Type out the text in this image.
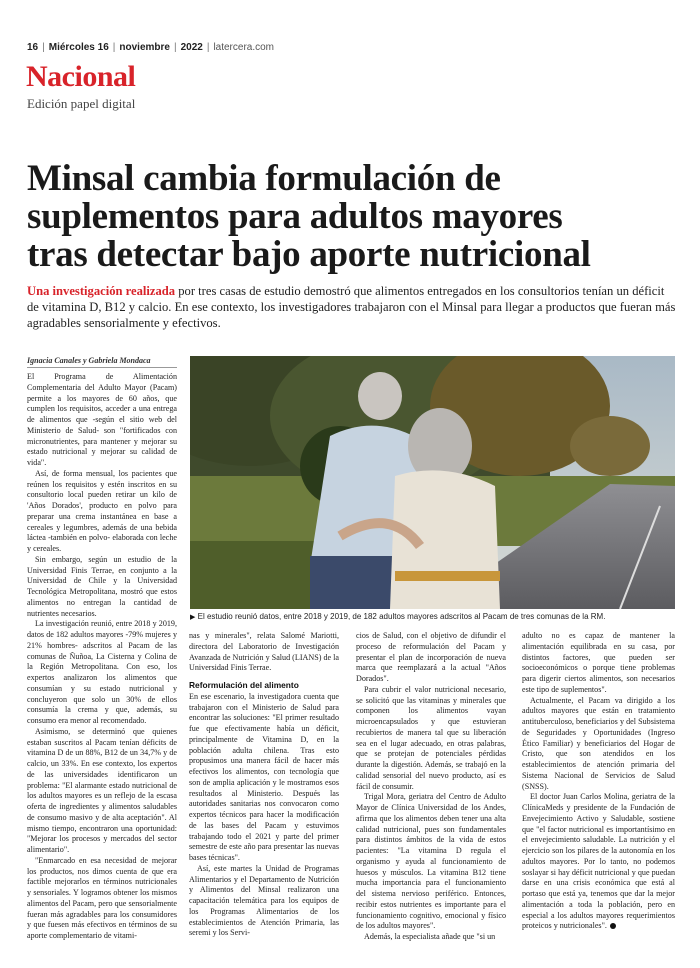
16 | Miércoles 16 | noviembre | 2022 | latercera.com
Nacional
Edición papel digital
Minsal cambia formulación de
suplementos para adultos mayores
tras detectar bajo aporte nutricional

Una investigación realizada por tres casas de estudio demostró que alimentos entregados en los consultorios tenían un déficit de vitamina D, B12 y calcio. En ese contexto, los investigadores trabajaron con el Minsal para llegar a productos que fueran más agradables sensorialmente y efectivos.

Ignacia Canales y Gabriela Mondaca

El Programa de Alimentación Complementaria del Adulto Mayor (Pacam) permite a los mayores de 60 años, que cumplen los requisitos, acceder a una entrega de alimentos que -según el sitio web del Ministerio de Salud- son "fortificados con micronutrientes, para mantener y mejorar su estado nutricional y mejorar su calidad de vida".

Así, de forma mensual, los pacientes que reúnen los requisitos y estén inscritos en su consultorio local pueden retirar un kilo de 'Años Dorados', producto en polvo para preparar una crema instantánea en base a cereales y legumbres, además de una bebida láctea -también en polvo- elaborada con leche y cereales.

Sin embargo, según un estudio de la Universidad Finis Terrae, en conjunto a la Universidad de Chile y la Universidad Tecnológica Metropolitana, mostró que estos alimentos no entregan la cantidad de nutrientes necesarios.

La investigación reunió, entre 2018 y 2019, datos de 182 adultos mayores -79% mujeres y 21% hombres- adscritos al Pacam de las comunas de Ñuñoa, La Cisterna y Colina de la Región Metropolitana. Con eso, los expertos analizaron los alimentos que consumían y su estado nutricional y concluyeron que solo un 30% de ellos consumía la crema y que, además, su consumo era menor al recomendado.

Asimismo, se determinó que quienes estaban suscritos al Pacam tenían déficits de vitamina D de un 88%, B12 de un 34,7% y de calcio, un 33%. En ese contexto, los expertos de las universidades identificaron un problema: "El alarmante estado nutricional de los adultos mayores es un reflejo de la escasa oferta de ingredientes y alimentos saludables de consumo masivo y de alta aceptación". Al mismo tiempo, encontraron una oportunidad: "Mejorar los procesos y mercados del sector alimentario".

"Enmarcado en esa necesidad de mejorar los productos, nos dimos cuenta de que era factible mejorarlos en términos nutricionales y sensoriales. Y logramos obtener los mismos alimentos del Pacam, pero que sensorialmente fueran más agradables para los consumidores y que fuesen más efectivos en términos de su aporte complementario de vitami-

▶ El estudio reunió datos, entre 2018 y 2019, de 182 adultos mayores adscritos al Pacam de tres comunas de la RM.

nas y minerales", relata Salomé Mariotti, directora del Laboratorio de Investigación Avanzada de Nutrición y Salud (LIANS) de la Universidad Finis Terrae.

Reformulación del alimento

En ese escenario, la investigadora cuenta que trabajaron con el Ministerio de Salud para encontrar las soluciones: "El primer resultado fue que efectivamente había un déficit, principalmente de Vitamina D, en la población adulta chilena. Tras esto propusimos una manera fácil de hacer más efectivos los alimentos, con tecnología que son de amplia aplicación y le mostramos esos resultados al Ministerio. Después las autoridades sanitarias nos convocaron como expertos técnicos para hacer la modificación de las bases del Pacam y estuvimos trabajando todo el 2021 y parte del primer semestre de este año para presentar las nuevas bases técnicas".

Así, este martes la Unidad de Programas Alimentarios y el Departamento de Nutrición y Alimentos del Minsal realizaron una capacitación telemática para los equipos de los Programas Alimentarios de los establecimientos de Atención Primaria, las seremi y los Servi-

cios de Salud, con el objetivo de difundir el proceso de reformulación del Pacam y presentar el plan de incorporación de nueva marca que reemplazará a la actual "Años Dorados".

Para cubrir el valor nutricional necesario, se solicitó que las vitaminas y minerales que componen los alimentos vayan microencapsulados y que estuvieran recubiertos de manera tal que su liberación sea en el lugar adecuado, en otras palabras, que se protejan de potenciales pérdidas durante la digestión. Además, se trabajó en la calidad sensorial del nuevo producto, así es fácil de consumir.

Trigal Mora, geriatra del Centro de Adulto Mayor de Clínica Universidad de los Andes, afirma que los alimentos deben tener una alta calidad nutricional, pues son fundamentales para distintos ámbitos de la vida de estos pacientes: "La vitamina D regula el organismo y ayuda al funcionamiento de huesos y músculos. La vitamina B12 tiene mucha importancia para el funcionamiento del sistema nervioso periférico. Entonces, recibir estos nutrientes es importante para el funcionamiento cognitivo, emocional y físico de los adultos mayores".

Además, la especialista añade que "si un

adulto no es capaz de mantener la alimentación equilibrada en su casa, por distintos factores, que pueden ser socioeconómicos o porque tiene problemas para digerir ciertos alimentos, son necesarios este tipo de suplementos".

Actualmente, el Pacam va dirigido a los adultos mayores que están en tratamiento antituberculoso, beneficiarios y del Subsistema de Seguridades y Oportunidades (Ingreso Ético Familiar) y beneficiarios del Hogar de Cristo, que son atendidos en los establecimientos de atención primaria del Sistema Nacional de Servicios de Salud (SNSS).

El doctor Juan Carlos Molina, geriatra de la ClínicaMeds y presidente de la Fundación de Envejecimiento Activo y Saludable, sostiene que "el factor nutricional es importantísimo en el envejecimiento saludable. La nutrición y el ejercicio son los pilares de la autonomía en los adultos mayores. Por lo tanto, no podemos soslayar si hay déficit nutricional y que puedan darse en una crisis económica que está al portaso que está ya, tenemos que dar la mejor alimentación a toda la población, pero en especial a los adultos mayores requerimientos proteicos y nutricionales".
